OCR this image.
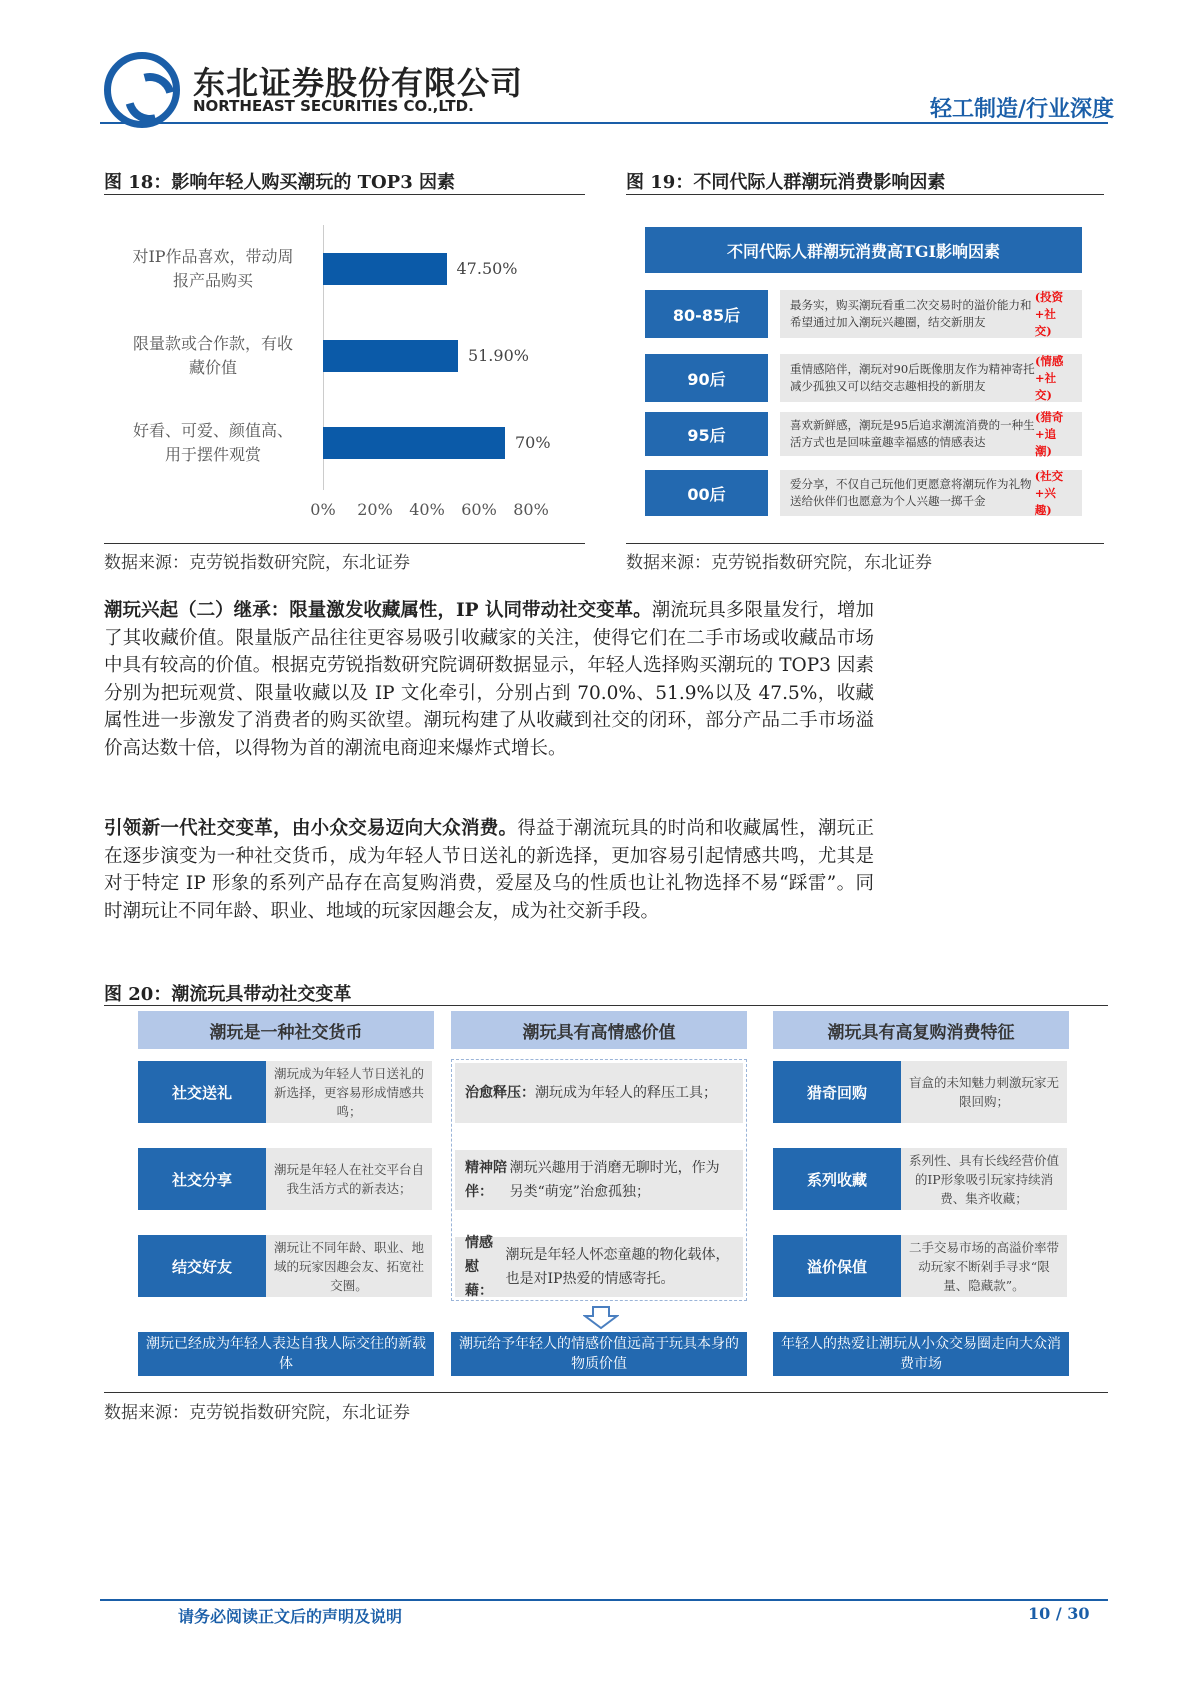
东北证券股份有限公司
NORTHEAST SECURITIES CO.,LTD.	轻工制造/行业深度
图 18：影响年轻人购买潮玩的 TOP3 因素	图 19：不同代际人群潮玩消费影响因素
47.50%
对IP作品喜欢，带动周
报产品购买
51.90%
限量款或合作款，有收
藏价值
70%
好看、可爱、颜值高、
用于摆件观赏
0% 20% 40% 60% 80%
数据来源：克劳锐指数研究院，东北证券
不同代际人群潮玩消费高TGI影响因素
80-85后
最务实，购买潮玩看重二次交易时的溢价能力和希望通过加入潮玩兴趣圈，结交新朋友
(投资+社交)
90后
重情感陪伴，潮玩对90后既像朋友作为精神寄托减少孤独又可以结交志趣相投的新朋友
(情感+社交)
95后
喜欢新鲜感，潮玩是95后追求潮流消费的一种生活方式也是回味童趣幸福感的情感表达
(猎奇+追潮)
00后
爱分享，不仅自己玩他们更愿意将潮玩作为礼物送给伙伴们也愿意为个人兴趣一掷千金
(社交+兴趣)
数据来源：克劳锐指数研究院，东北证券
潮玩兴起（二）继承：限量激发收藏属性，IP 认同带动社交变革。潮流玩具多限量发行，增加了其收藏价值。限量版产品往往更容易吸引收藏家的关注，使得它们在二手市场或收藏品市场中具有较高的价值。根据克劳锐指数研究院调研数据显示，年轻人选择购买潮玩的 TOP3 因素分别为把玩观赏、限量收藏以及 IP 文化牵引，分别占到 70.0%、51.9%以及 47.5%，收藏属性进一步激发了消费者的购买欲望。潮玩构建了从收藏到社交的闭环，部分产品二手市场溢价高达数十倍，以得物为首的潮流电商迎来爆炸式增长。
引领新一代社交变革，由小众交易迈向大众消费。得益于潮流玩具的时尚和收藏属性，潮玩正在逐步演变为一种社交货币，成为年轻人节日送礼的新选择，更加容易引起情感共鸣，尤其是对于特定 IP 形象的系列产品存在高复购消费，爱屋及乌的性质也让礼物选择不易“踩雷”。同时潮玩让不同年龄、职业、地域的玩家因趣会友，成为社交新手段。
图 20：潮流玩具带动社交变革
潮玩是一种社交货币
社交送礼
潮玩成为年轻人节日送礼的新选择，更容易形成情感共鸣；
社交分享
潮玩是年轻人在社交平台自我生活方式的新表达；
结交好友
潮玩让不同年龄、职业、地域的玩家因趣会友、拓宽社交圈。
潮玩已经成为年轻人表达自我人际交往的新载体
潮玩具有高情感价值
治愈释压： 潮玩成为年轻人的释压工具；
精神陪伴：
潮玩兴趣用于消磨无聊时光，作为另类“萌宠”治愈孤独；
情感慰藉：
潮玩是年轻人怀恋童趣的物化载体，也是对IP热爱的情感寄托。
潮玩给予年轻人的情感价值远高于玩具本身的物质价值
潮玩具有高复购消费特征
猎奇回购
盲盒的未知魅力刺激玩家无限回购；
系列收藏
系列性、具有长线经营价值的IP形象吸引玩家持续消费、集齐收藏；
溢价保值
二手交易市场的高溢价率带动玩家不断剁手寻求“限量、隐藏款”。
年轻人的热爱让潮玩从小众交易圈走向大众消费市场
数据来源：克劳锐指数研究院，东北证券
请务必阅读正文后的声明及说明	10 / 30
